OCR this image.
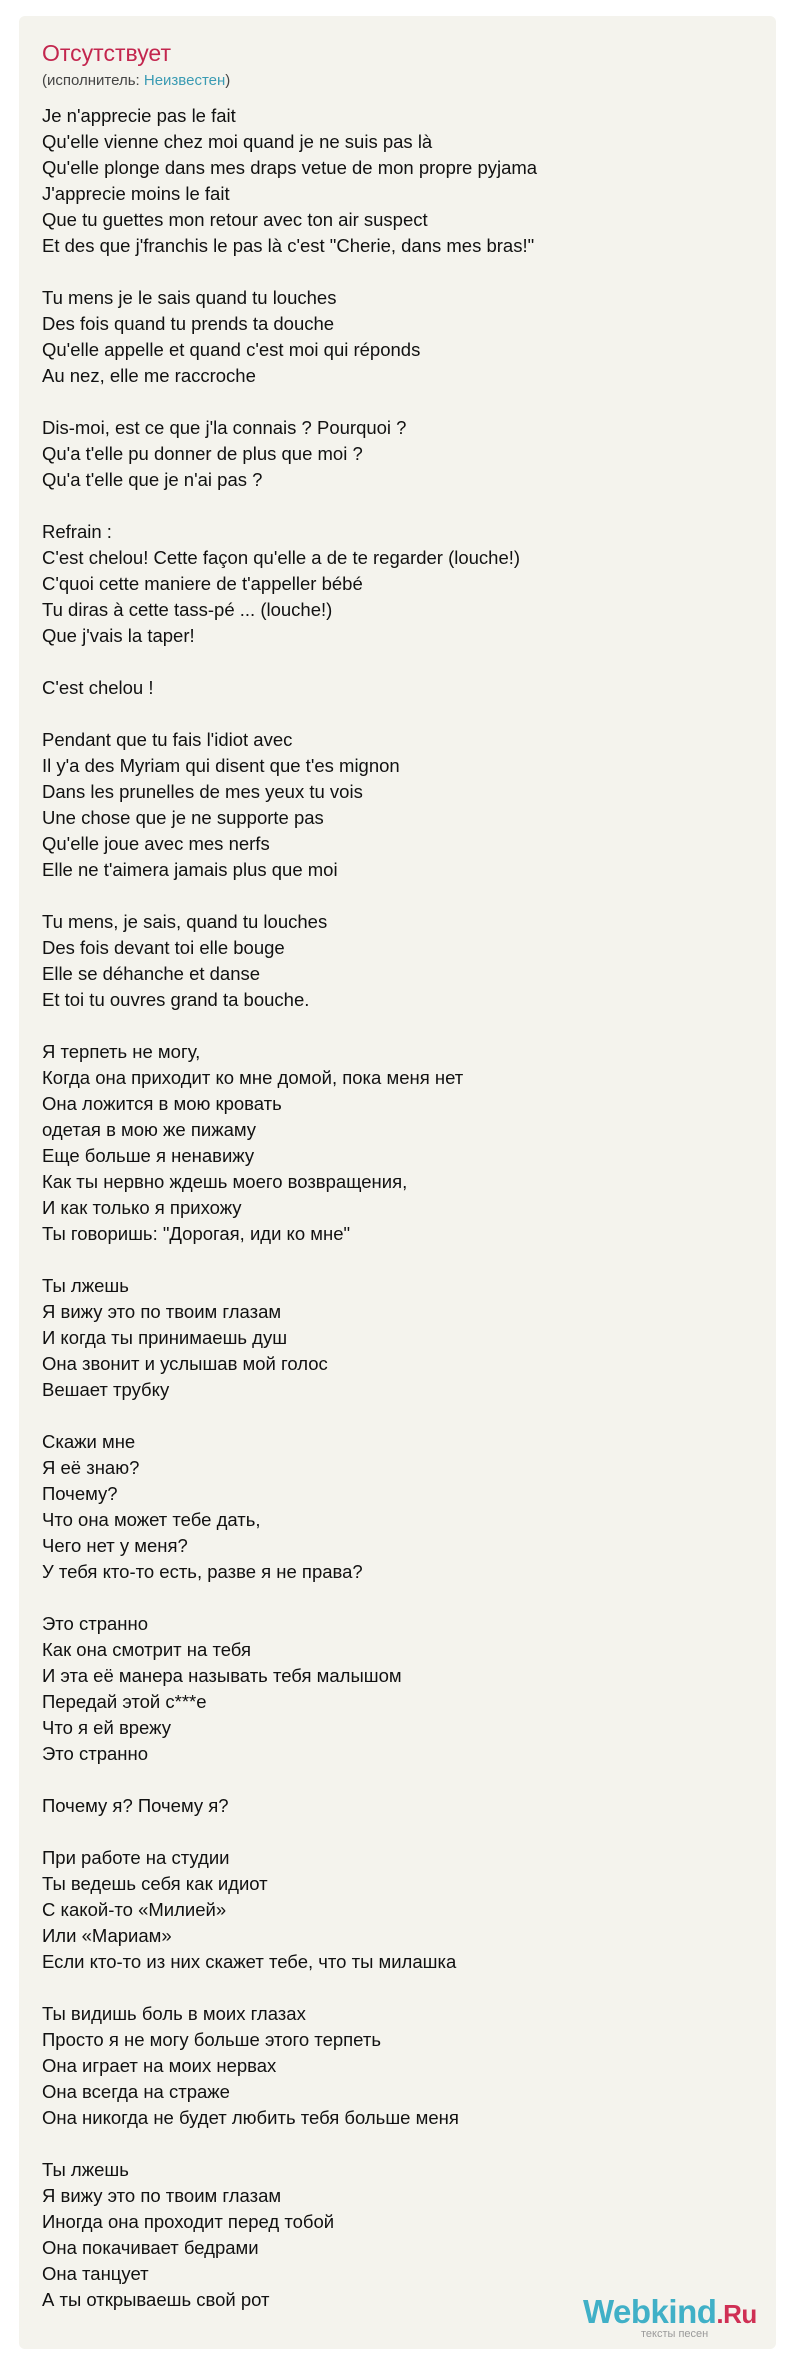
Отсутствует
(исполнитель: Неизвестен)
Je n'apprecie pas le fait
Qu'elle vienne chez moi quand je ne suis pas là
Qu'elle plonge dans mes draps vetue de mon propre pyjama
J'apprecie moins le fait
Que tu guettes mon retour avec ton air suspect
Et des que j'franchis le pas là c'est "Cherie, dans mes bras!"
Tu mens je le sais quand tu louches
Des fois quand tu prends ta douche
Qu'elle appelle et quand c'est moi qui réponds
Au nez, elle me raccroche
Dis-moi, est ce que j'la connais ? Pourquoi ?
Qu'a t'elle pu donner de plus que moi ?
Qu'a t'elle que je n'ai pas ?
Refrain :
C'est chelou! Cette façon qu'elle a de te regarder (louche!)
C'quoi cette maniere de t'appeller bébé
Tu diras à cette tass-pé ... (louche!)
Que j'vais la taper!
C'est chelou !
Pendant que tu fais l'idiot avec
Il y'a des Myriam qui disent que t'es mignon
Dans les prunelles de mes yeux tu vois
Une chose que je ne supporte pas
Qu'elle joue avec mes nerfs
Elle ne t'aimera jamais plus que moi
Tu mens, je sais, quand tu louches
Des fois devant toi elle bouge
Elle se déhanche et danse
Et toi tu ouvres grand ta bouche.
Я терпеть не могу,
Когда она приходит ко мне домой, пока меня нет
Она ложится в мою кровать
одетая в мою же пижаму
Еще больше я ненавижу
Как ты нервно ждешь моего возвращения,
И как только я прихожу
Ты говоришь: "Дорогая, иди ко мне"
Ты лжешь
Я вижу это по твоим глазам
И когда ты принимаешь душ
Она звонит и услышав мой голос
Вешает трубку
Скажи мне
Я её знаю?
Почему?
Что она может тебе дать,
Чего нет у меня?
У тебя кто-то есть, разве я не права?
Это странно
Как она смотрит на тебя
И эта её манера называть тебя малышом
Передай этой с***е
Что я ей врежу
Это странно
Почему я? Почему я?
При работе на студии
Ты ведешь себя как идиот
С какой-то «Милией»
Или «Мариам»
Если кто-то из них скажет тебе, что ты милашка
Ты видишь боль в моих глазах
Просто я не могу больше этого терпеть
Она играет на моих нервах
Она всегда на страже
Она никогда не будет любить тебя больше меня
Ты лжешь
Я вижу это по твоим глазам
Иногда она проходит перед тобой
Она покачивает бедрами
Она танцует
А ты открываешь свой рот	Webkind.Ru
тексты песен
